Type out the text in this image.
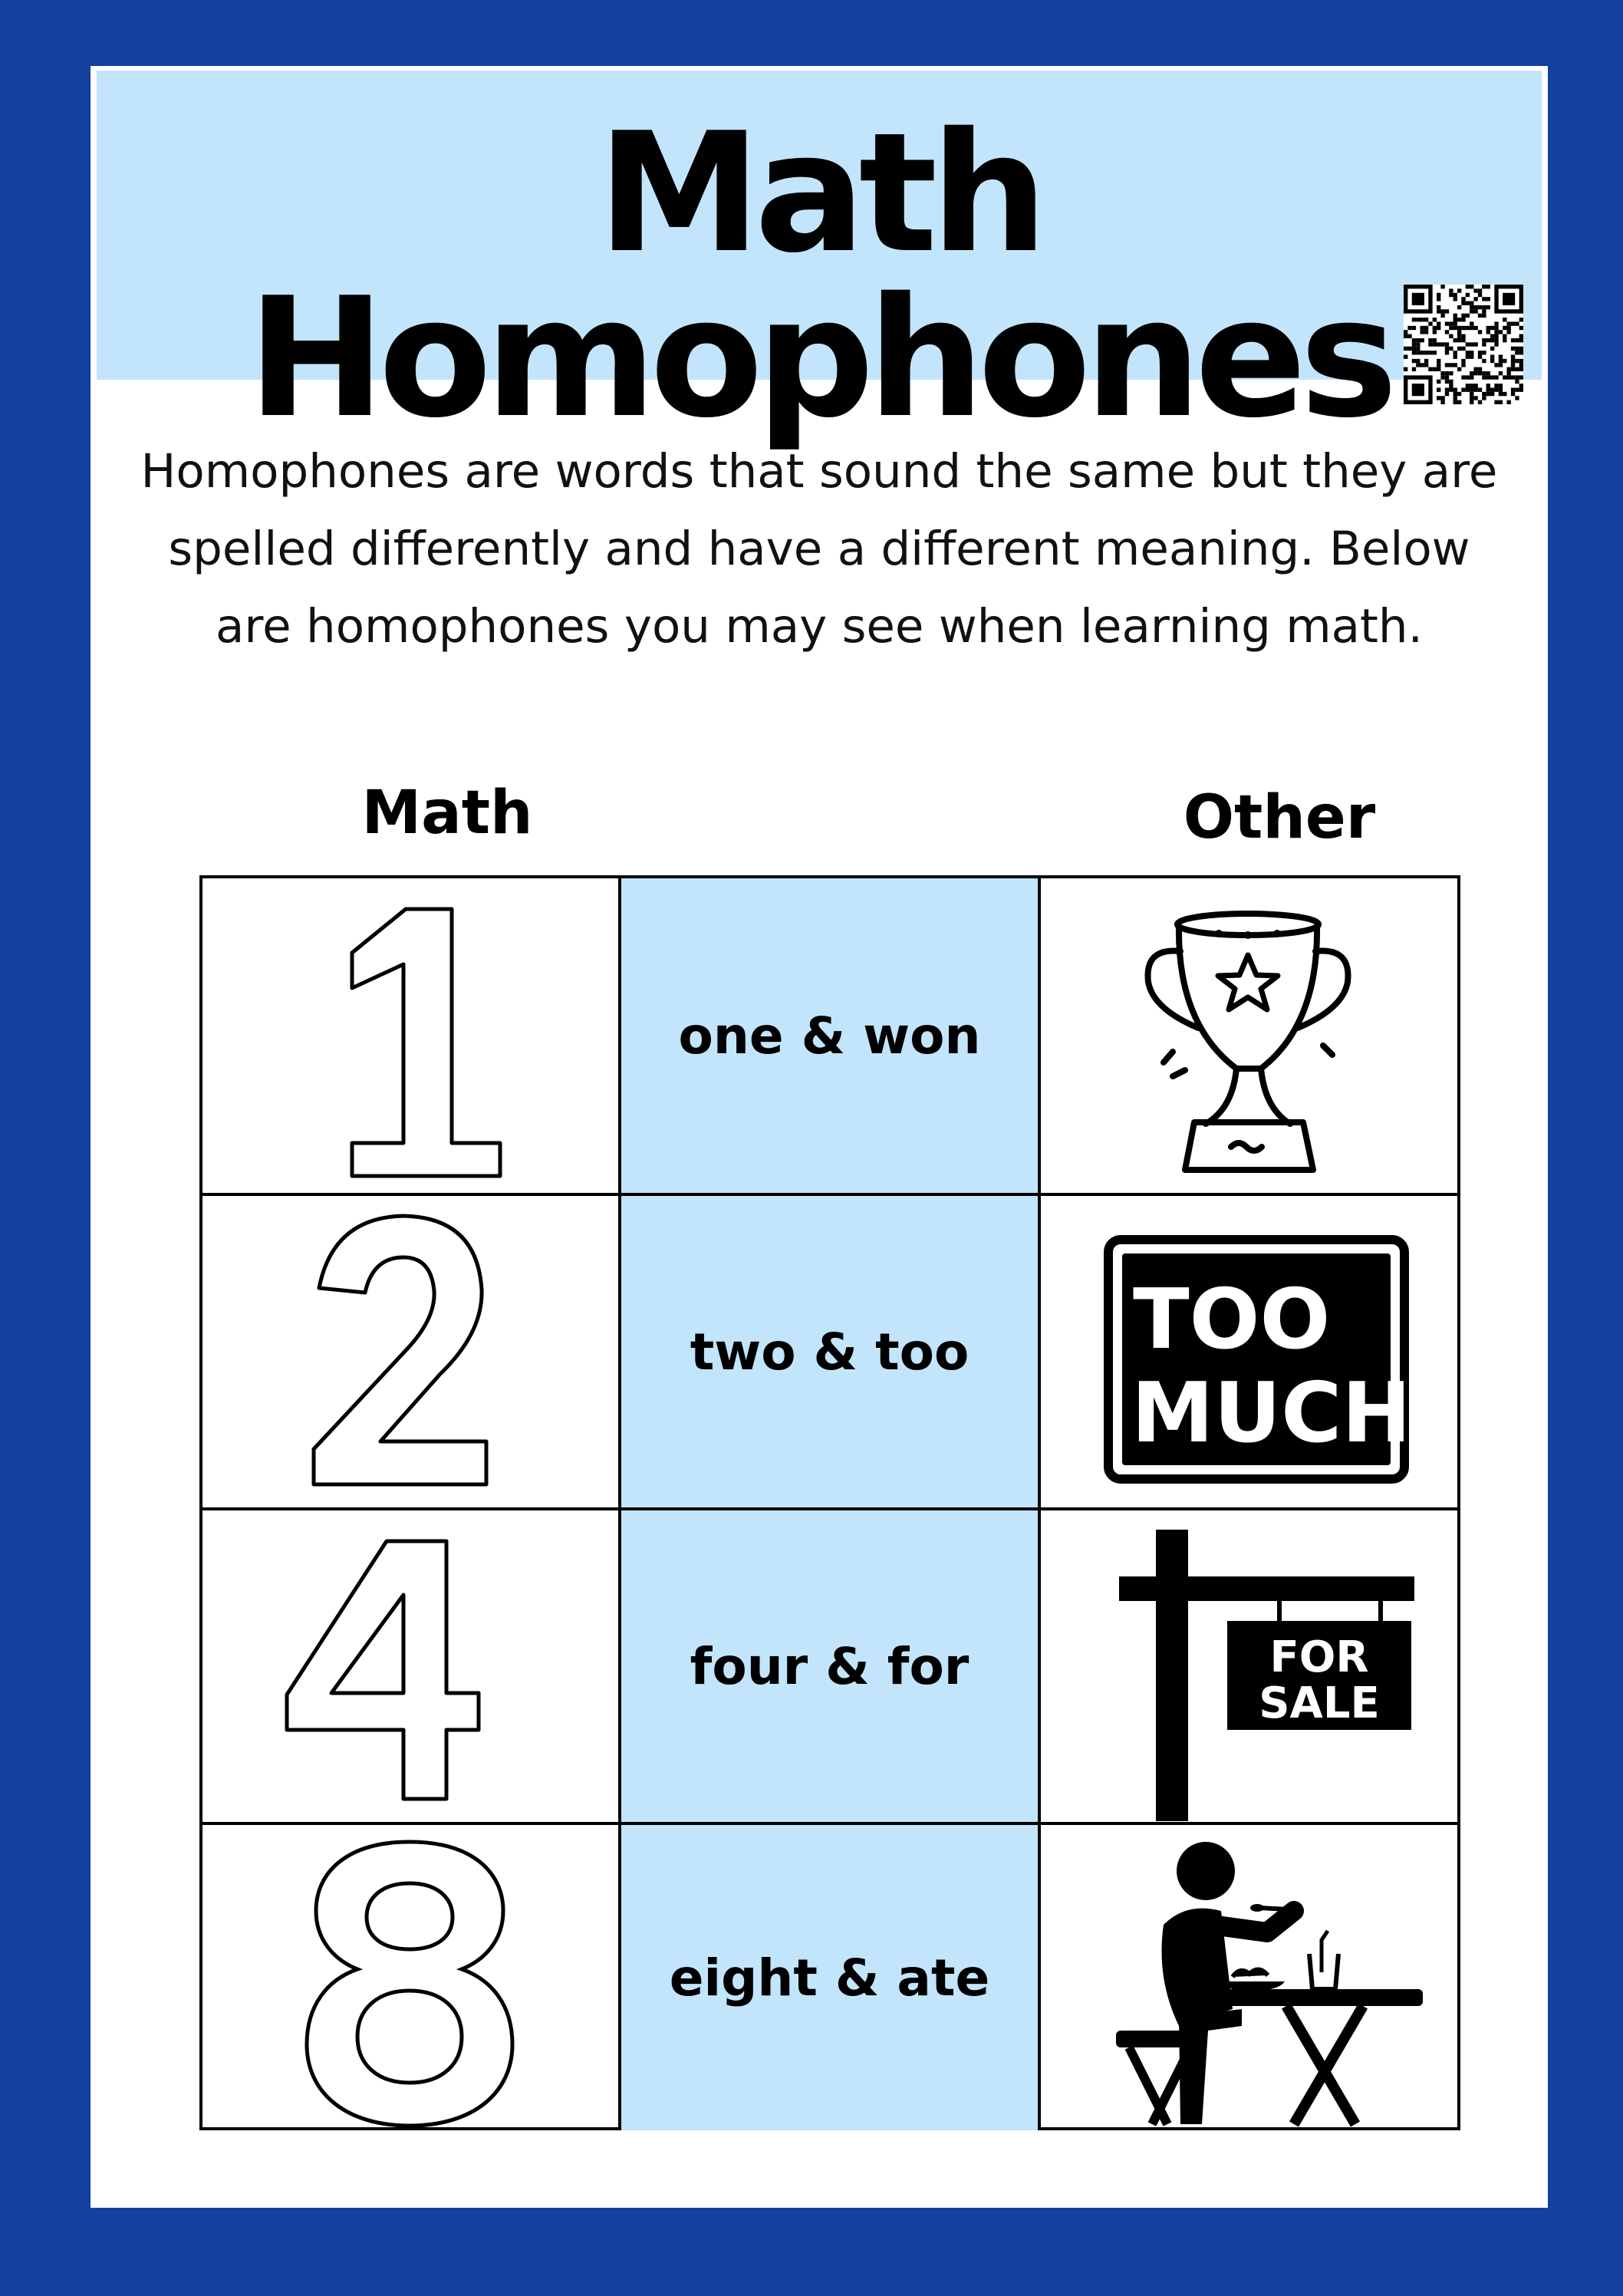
Math Homophones
Homophones are words that sound the same but they are
spelled differently and have a different meaning. Below
are homophones you may see when learning math.
Math	Other
one & won
two & too TOO
MUCH
four & for	FOR
SALE
eight & ate
